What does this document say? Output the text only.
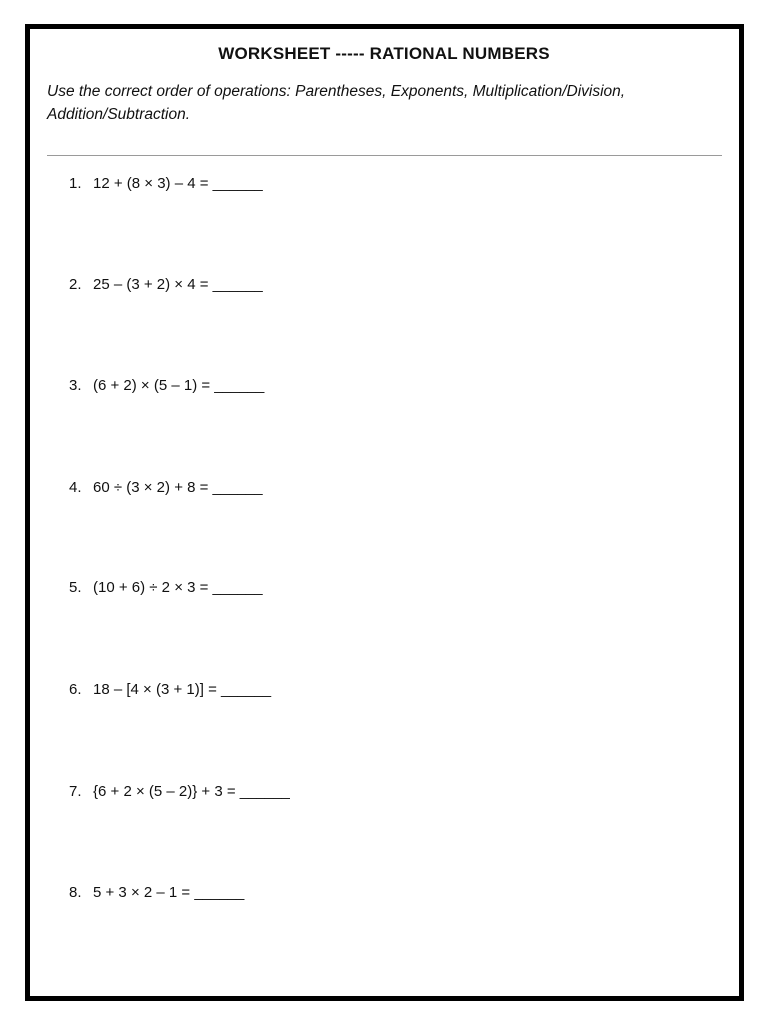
WORKSHEET ----- RATIONAL NUMBERS

Use the correct order of operations: Parentheses, Exponents, Multiplication/Division, Addition/Subtraction.

1. 12 + (8 × 3) – 4 = ______
2. 25 – (3 + 2) × 4 = ______
3. (6 + 2) × (5 – 1) = ______
4. 60 ÷ (3 × 2) + 8 = ______
5. (10 + 6) ÷ 2 × 3 = ______
6. 18 – [4 × (3 + 1)] = ______
7. {6 + 2 × (5 – 2)} + 3 = ______
8. 5 + 3 × 2 – 1 = ______
